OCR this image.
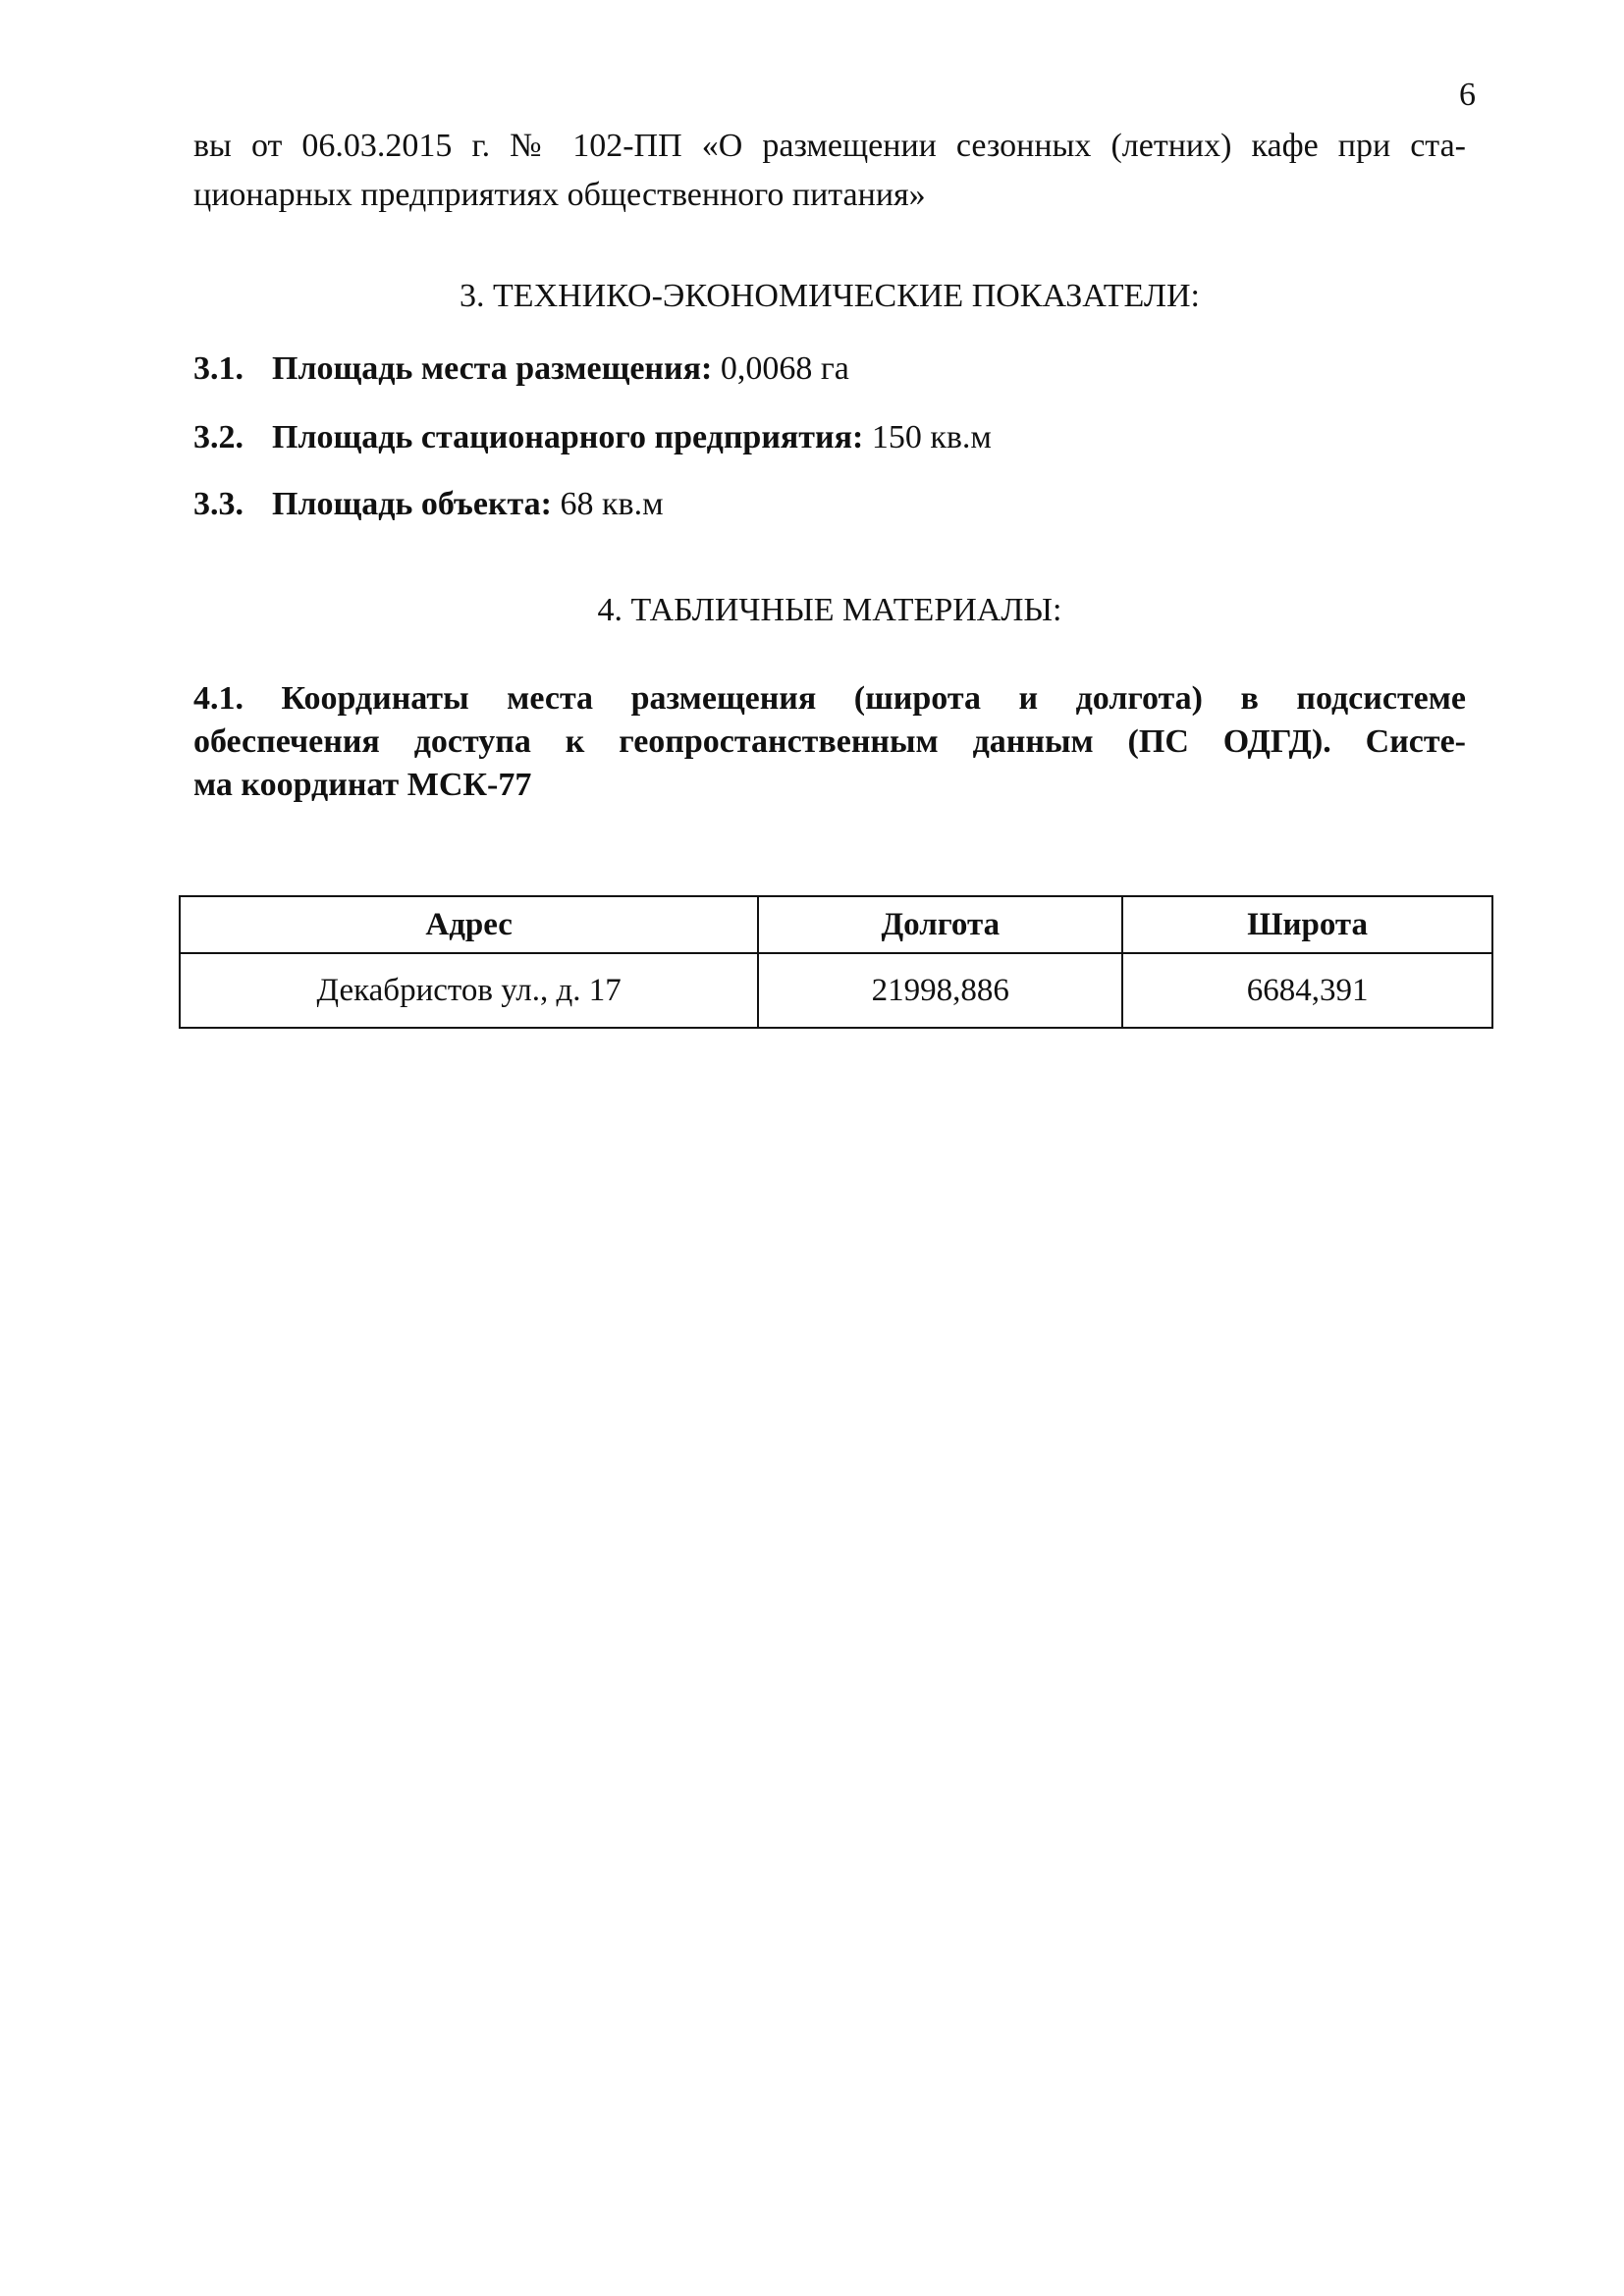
6
вы от 06.03.2015 г. № 102-ПП «О размещении сезонных (летних) кафе при ста-
ционарных предприятиях общественного питания»
3. ТЕХНИКО-ЭКОНОМИЧЕСКИЕ ПОКАЗАТЕЛИ:
3.1. Площадь места размещения: 0,0068 га
3.2. Площадь стационарного предприятия: 150 кв.м
3.3. Площадь объекта: 68 кв.м
4. ТАБЛИЧНЫЕ МАТЕРИАЛЫ:
4.1. Координаты места размещения (широта и долгота) в подсистеме
обеспечения доступа к геопростанственным данным (ПС ОДГД). Систе-
ма координат МСК-77
Адрес	Долгота	Широта
Декабристов ул., д. 17	21998,886	6684,391
